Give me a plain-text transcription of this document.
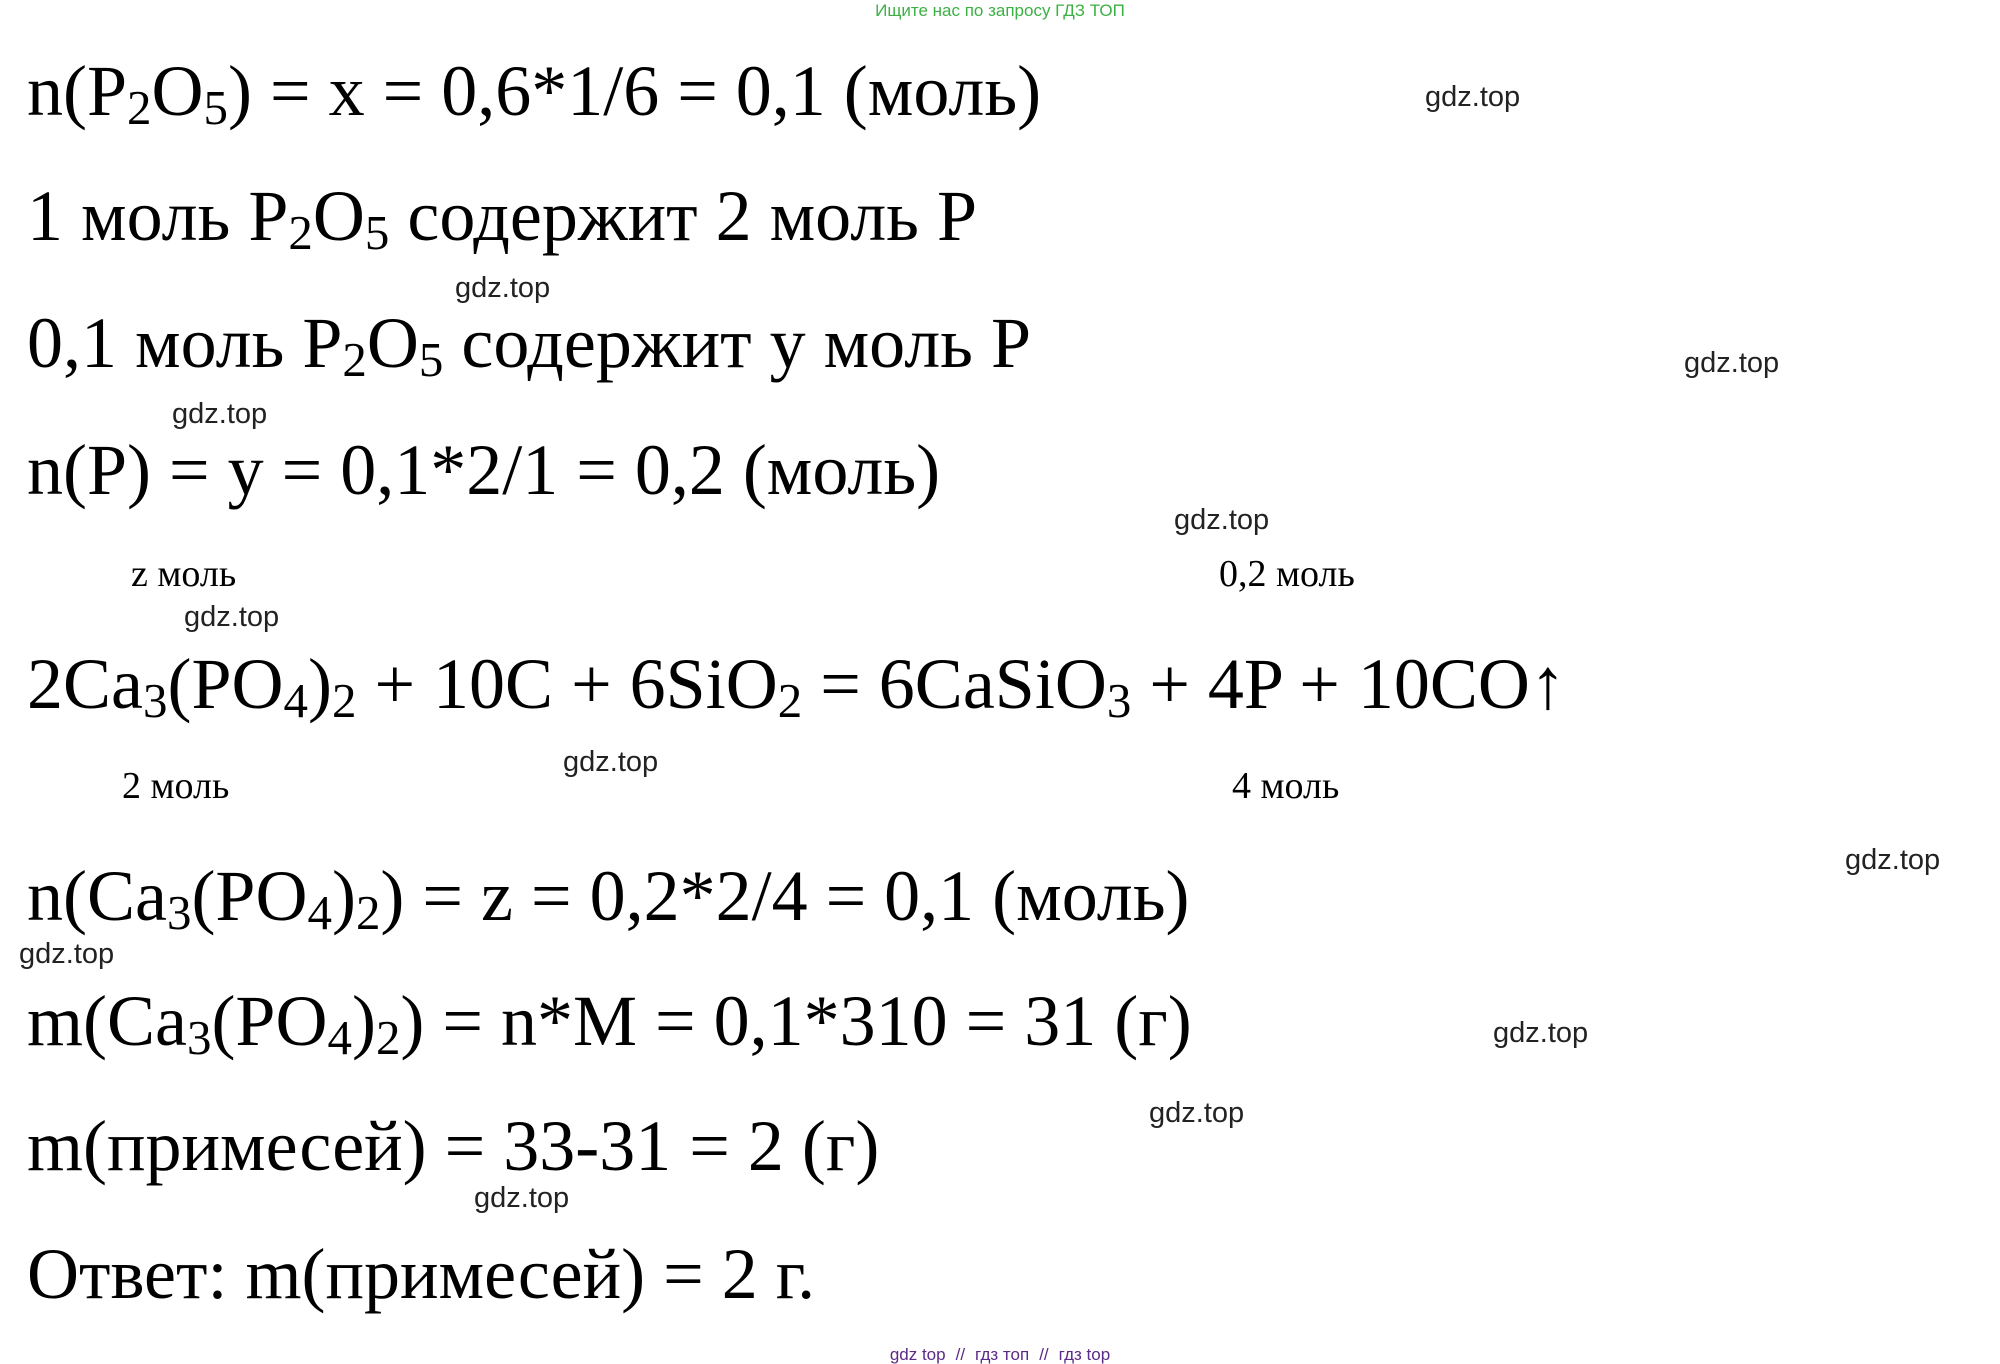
Ищите нас по запросу ГДЗ ТОП
$n(P_2O_5) = x = 0,6*1/6 = 0,1$ (моль)
1 моль $P_2O_5$ содержит 2 моль P
0,1 моль $P_2O_5$ содержит y моль P
n(P) = y = 0,1*2/1 = 0,2 (моль)
z моль	0,2 моль
$2Ca_3(PO_4)_2 + 10C + 6SiO_2$ = 6CaSiO$_3$ + 4P + 10CO↑
2 моль	4 моль
$n(Ca_3(PO_4)_2) = z = 0,2*2/4 = 0,1$ (моль)
$m(Ca_3(PO_4)_2) = n*M = 0,1*310 = 31$ (г)
m(примесей) = 33-31 = 2 (г)
Ответ: m(примесей) = 2 г.
gdz.top
gdz.top
gdz.top
gdz.top
gdz.top
gdz.top
gdz.top
gdz.top
gdz.top
gdz.top
gdz.top
gdz.top
gdz top // гдз топ // гдз top
